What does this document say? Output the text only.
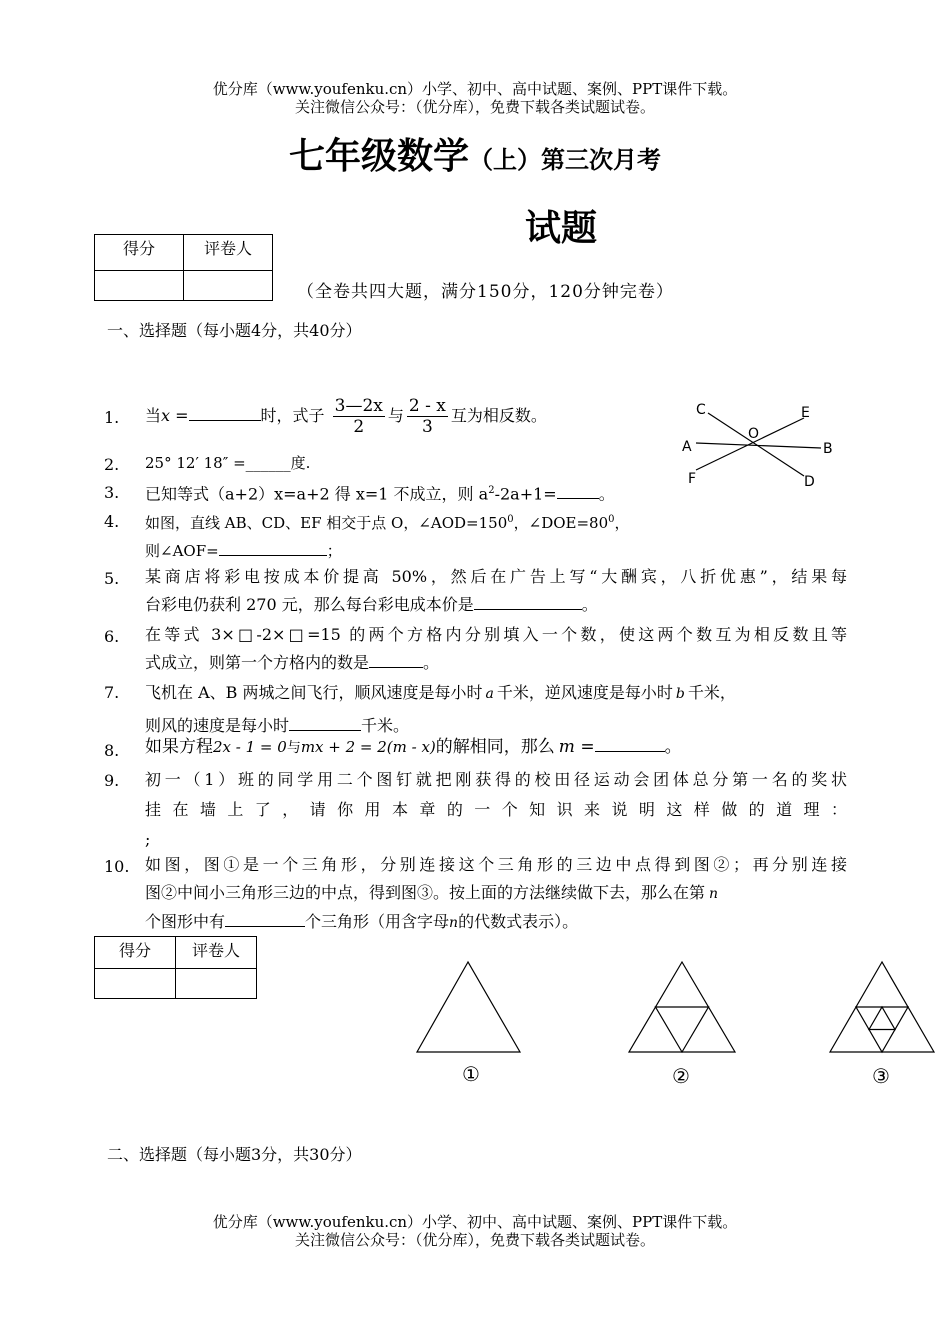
优分库（www.youfenku.cn）小学、初中、高中试题、案例、PPT课件下载。
关注微信公众号：（优分库），免费下载各类试题试卷。
七年级数学（上）第三次月考
试题
得分	评卷人

（全卷共四大题，满分150分，120分钟完卷）
一、选择题（每小题4分，共40分）
1. 当x =	时，式子 $\frac{3—2x}{2}$ 与 $\frac{2 - x}{3}$ 互为相反数。	C	E
A
O
B
F	D
2. 25° 12′ 18″ =______度.
3. 已知等式（a+2）x=a+2 得 x=1 不成立，则 $a^2-2a+1=$	。
4. 如图，直线 AB、CD、EF 相交于点 O，$\angle AOD=150^0$，$\angle DOE=80^0$，
则∠AOF=	；
5. 某商店将彩电按成本价提高 50%，然后在广告上写“大酬宾，八折优惠”，结果每
台彩电仍获利 270 元，那么每台彩电成本价是	。
6. 在等式 3×□-2×□=15 的两个方格内分别填入一个数，使这两个数互为相反数且等
式成立，则第一个方格内的数是	。
7. 飞机在 A、B 两城之间飞行，顺风速度是每小时 a 千米，逆风速度是每小时 b 千米，
则风的速度是每小时	千米。
8. 如果方程2x - 1 = 0与mx + 2 = 2(m - x)的解相同，那么 m =	。
9. 初一（1）班的同学用二个图钉就把刚获得的校田径运动会团体总分第一名的奖状
挂在墙上了，请你用本章的一个知识来说明这样做的道理：
;
10. 如图，图①是一个三角形，分别连接这个三角形的三边中点得到图②；再分别连接
图②中间小三角形三边的中点，得到图③。按上面的方法继续做下去，那么在第 n
个图形中有	个三角形（用含字母n的代数式表示）。
得分	评卷人

①	②	③
二、选择题（每小题3分，共30分）
优分库（www.youfenku.cn）小学、初中、高中试题、案例、PPT课件下载。
关注微信公众号：（优分库），免费下载各类试题试卷。
